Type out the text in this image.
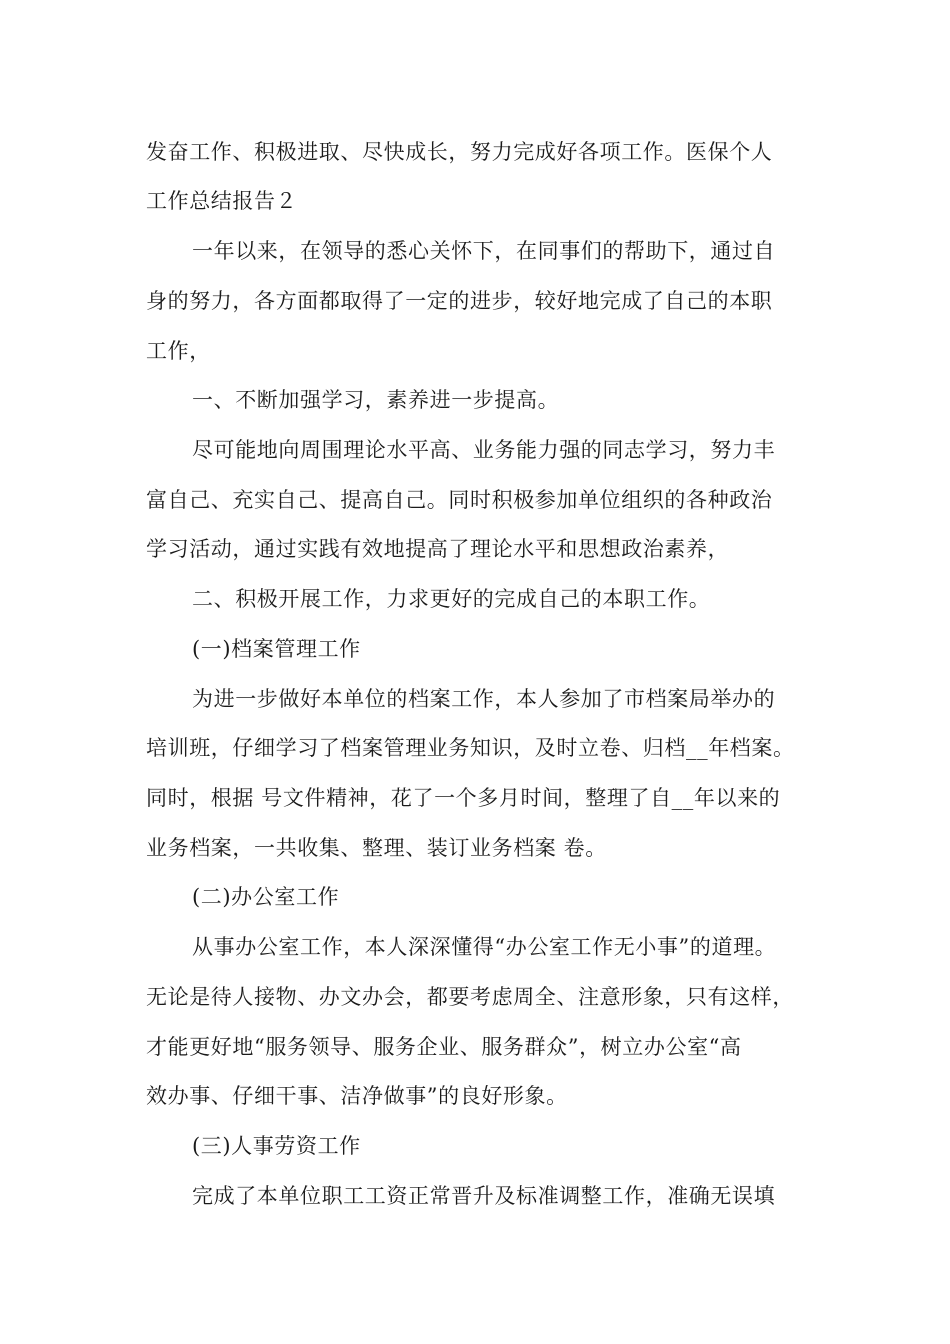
发奋工作、积极进取、尽快成长，努力完成好各项工作。医保个人
工作总结报告２
一年以来，在领导的悉心关怀下，在同事们的帮助下，通过自
身的努力，各方面都取得了一定的进步，较好地完成了自己的本职
工作，
一、不断加强学习，素养进一步提高。
尽可能地向周围理论水平高、业务能力强的同志学习，努力丰
富自己、充实自己、提高自己。同时积极参加单位组织的各种政治
学习活动，通过实践有效地提高了理论水平和思想政治素养，
二、积极开展工作，力求更好的完成自己的本职工作。
(一)档案管理工作
为进一步做好本单位的档案工作，本人参加了市档案局举办的
培训班，仔细学习了档案管理业务知识，及时立卷、归档__年档案。
同时，根据 号文件精神，花了一个多月时间，整理了自__年以来的
业务档案，一共收集、整理、装订业务档案 卷。
(二)办公室工作
从事办公室工作，本人深深懂得“办公室工作无小事”的道理。
无论是待人接物、办文办会，都要考虑周全、注意形象，只有这样，
才能更好地“服务领导、服务企业、服务群众”，树立办公室“高
效办事、仔细干事、洁净做事”的良好形象。
(三)人事劳资工作
完成了本单位职工工资正常晋升及标准调整工作，准确无误填
